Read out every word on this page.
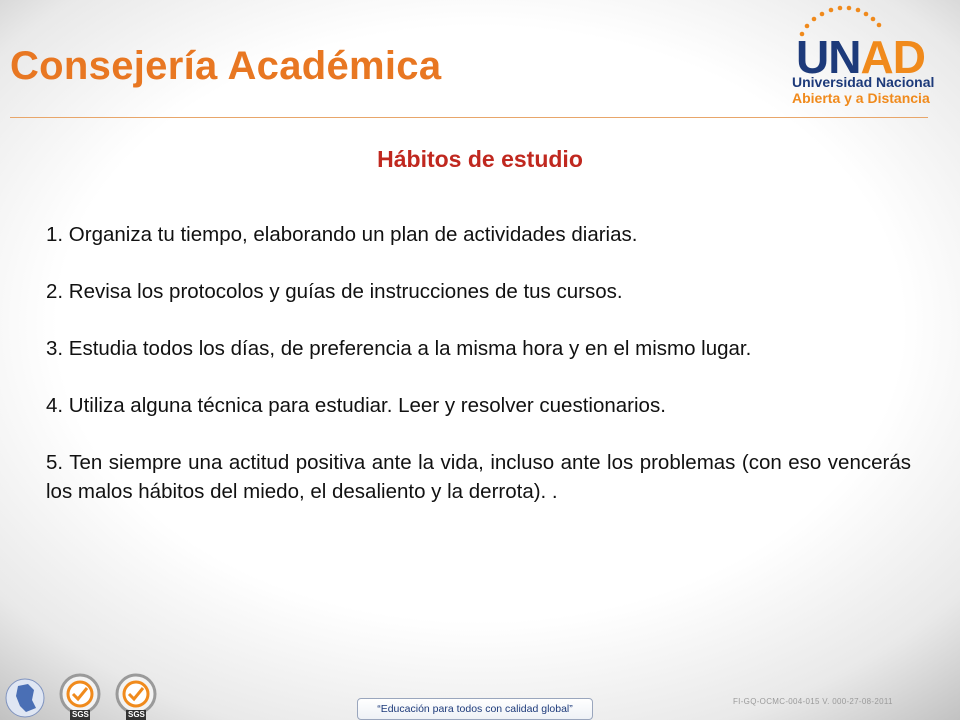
Consejería Académica	UNAD
Universidad Nacional
Abierta y a Distancia
Hábitos de estudio

1. Organiza tu tiempo, elaborando un plan de actividades diarias.

2. Revisa los protocolos y guías de instrucciones de tus cursos.

3. Estudia todos los días, de preferencia a la misma hora y en el mismo lugar.

4. Utiliza alguna técnica para estudiar. Leer y resolver cuestionarios.

5. Ten siempre una actitud positiva ante la vida, incluso ante los problemas (con eso vencerás los malos hábitos del miedo, el desaliento y la derrota). .

SGS	SGS	“Educación para todos con calidad global”
FI-GQ-OCMC-004-015 V. 000-27-08-2011
